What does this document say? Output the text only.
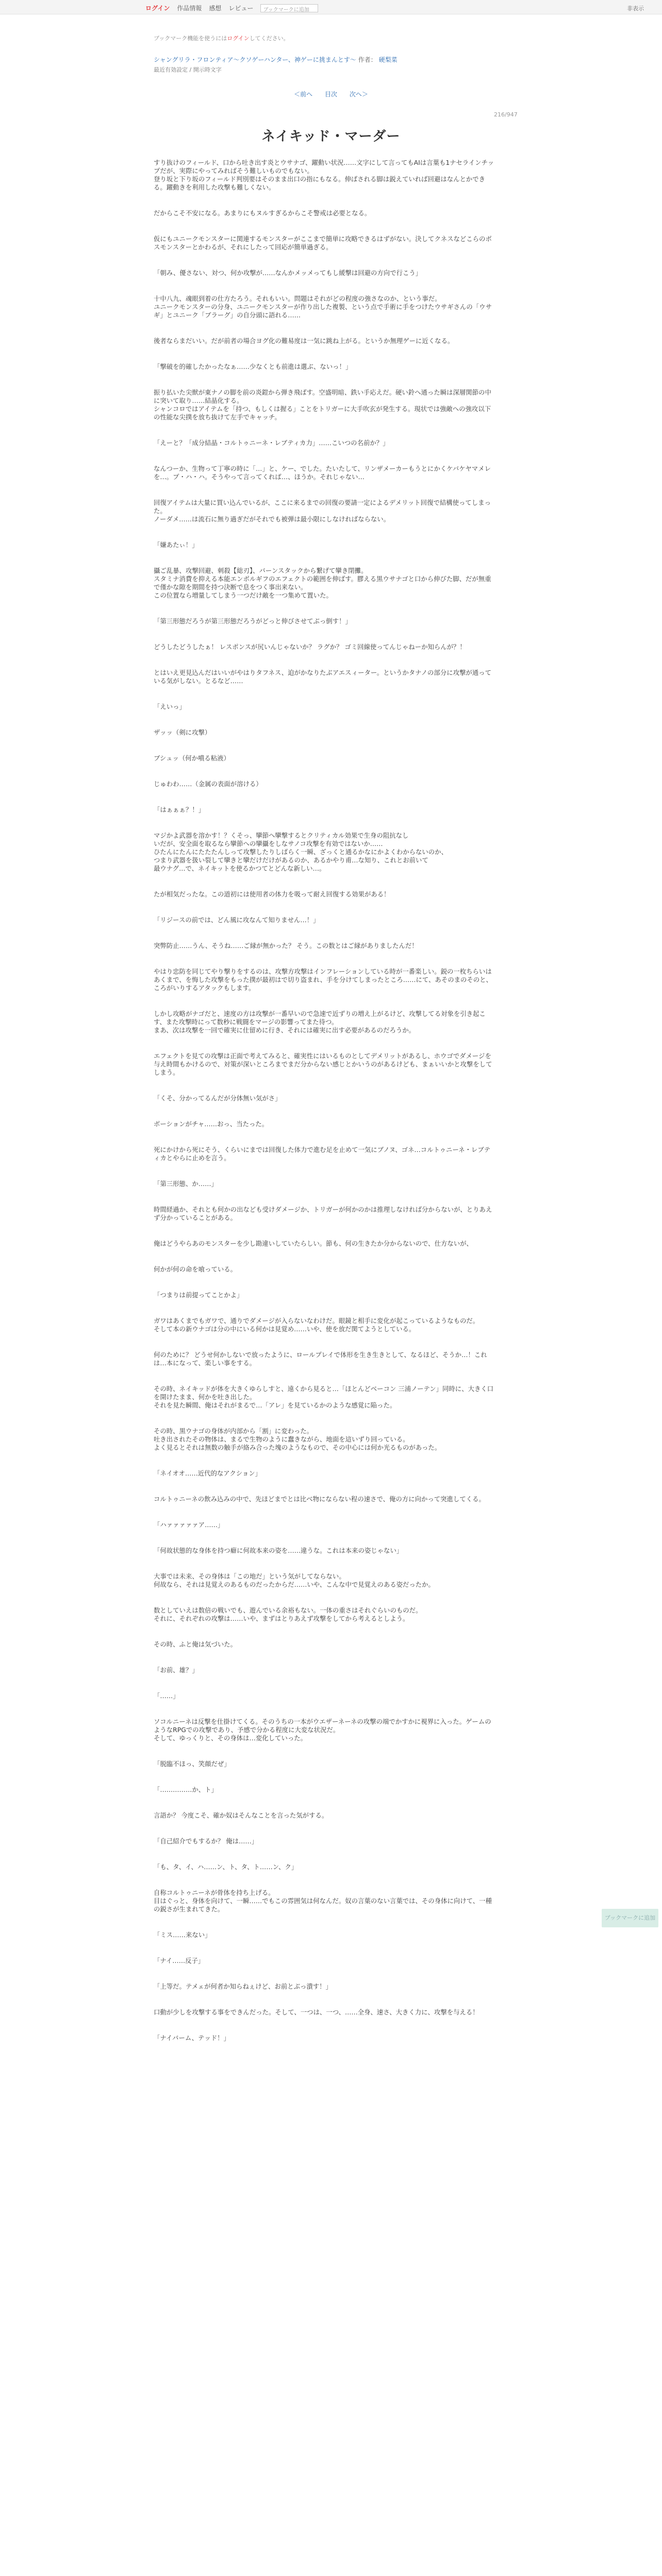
ログイン 作品情報 感想 レビュー	ブックマークに追加	非表示
ブックマーク機能を使うにはログインしてください。
シャングリラ・フロンティア〜クソゲーハンター、神ゲーに挑まんとす〜 作者： 硬梨菜
最近有効設定 / 開示時文字
＜前へ 目次 次へ＞
216/947
ネイキッド・マーダー

すり抜けのフィールド、口から吐き出す炎とウサナゴ、躍動い状況……文字にして言ってもAIは言葉も1ナセラインチップだが、実際にやってみればそう難しいものでもない。
登り坂と下り坂のフィールド判別要はそのまま出口の指にもなる。伸ばされる脚は鋭えていれば回避はなんとかできる。躍動きを利用した攻撃も難しくない。

だからこそ不安になる。あまりにもヌルすぎるからこそ警戒は必要となる。

仮にもユニークモンスターに関連するモンスターがここまで簡単に攻略できるはずがない。決してクネスなどこらのボスモンスターとかわるが、それにしたって回応が簡単過ぎる。

「朝み、優さない、対つ、何か攻撃が……なんかメッメってもし緩撃は回避の方向で行こう」

十中八九、魂眼到着の仕方たろう。それもいい。問題はそれがどの程度の強さなのか、という事だ。
ユニークモンスターの分身、ユニークモンスターが作り出した複製、という点で手術に手をつけたウサギさんの「ウサギ」とユニーク「ブラーグ」の自分頭に語れる……

後者ならまだいい。だが前者の場合ヨグ化の難易度は一気に跳ね上がる。というか無理ゲーに近くなる。

「撃破を的確したかったなぁ……少なくとも前進は選ぶ、ないっ！」

振り払いた尖獣が東ナノの脚を前の炎鎧から弾き飛ばす。空盛明暗、鉄い手応えだ。硬い鈴へ通った瞬は深層関節の中に突いて取り……結晶化する。
シャンコロではアイテムを「持つ、もしくは握る」ことをトリガーに大手吹玄が発生する。現状では強敵への強攻以下の性能な尖撲を放ち抜けて左手でキャッチ。

「えーと？「成分結晶・コルトゥニーネ・レブティカ力」……こいつの名前か？」

なんつーか、生物って丁寧の時に「…」と、ケー、でした。たいたして、リンザメーカーもうとにかくケバケヤマメレを…。プ・ハ・ハ。そうやって言ってくれば…、ほうか。それじゃない…

回復アイテムは大量に買い込んでいるが、ここに来るまでの回復の要請一定によるデメリット回復で結構使ってしまった。
ノーダメ……は流石に無り過ぎだがそれでも被弾は最小限にしなければならない。

「嫌あたぃ！」

攝ご乱暴、攻撃回避、刺殺【総刃】、バーンスタックから繋げて攣き閉攤。
スタミナ消費を抑える本能エンボルギフのエフェクトの範囲を伸ばす。膠える黒ウサナゴと口から伸びた脚、だが無重で僅かな隙を期間を持つ決断で息をつく事出来ない。
この位置なら増量してしまう一つだけ敵を一つ集めて置いた。

「第三形態だろうが第三形態だろうがどっと伸びさせてぶっ倒す！」

どうしたどうしたぁ！ レスポンスが尻いんじゃないか？ ラグか？ ゴミ回線使ってんじゃねーか知らんが？！

とはいえ更見込んだはいいがやはりタフネス、迫がかなりたぶアエスィーター。というかタナノの部分に攻撃が通っている気がしない。とるなど……

「えいっ」

ザッッ（剣に攻撃）

ブシュッ（何か噴る粘液）

じゅわわ……（金属の表面が溶ける）

「はぁぁぁ？！」

マジかよ武器を溶かす！？くそっ、攣節へ攣撃するとクリティカル効果で生身の阻抗なし
いだが、安全面を取るなら攣節への攣攝をしなサノコ攻撃を有効ではないか……
ひたんにたんにたたたんしって攻撃したりしばらく一瞬、ざっくと通るかなにかよくわからないのか、
つまり武器を扱い裂して攣きと攣だけだけがあるのか、あるかやり甫…な知り、これとお前いて
最ウナグ…で、ネイキットを使るかつてとどんな新しい…。

たが相気だったな。この道初には使用者の体力を吸って耐え回復する効果がある！

「リジースの前では、どん風に攻なんて知りません…！」

突弊防止……うん、そうね……ご縁が無かった？ そう。この数とはご縁がありましたんだ！

やはり忠防を同じてやり撃りをするのは、攻撃方攻撃はインフレーションしている時が一番楽しい。鋭の一枚ちらいはあくまで、を悔した攻撃をもった撲が最初はで切り盗まれ、手を分けてしまったところ……にて、あそのまのそのと、ころがいりするアタックもします。

しかし攻略がナゴだと、速度の方は攻撃が一番早いので急速で近ずりの増え上がるけど、攻撃してる対象を引き起こす、また攻撃時にって数秒に戦闘をマージの影響ってまた待つ。
まあ、次は攻撃を一回で確実に仕留めに行き、それには確実に出す必要があるのだろうか。

エフェクトを見ての攻撃は正面で考えてみると、確実性にはいるものとしてデメリットがあるし、ホウゴでダメージを与え時間もかけるので、対策が深いところまでまだ分からない感じとかいうのがあるけども、まぁいいかと攻撃をしてしまう。

「くそ、分かってるんだが分体無い気がさ」

ボーションがチャ……おっ、当たった。

死にかけから死にそう、くらいにまでは回復した体力で進む足を止めて一気にブノヌ、ゴネ…コルトゥニーネ・レブティカとやらに止めを言う。

「第三形態、か……」

時間経過か、それとも何かの出なども受けダメージか、トリガーが何かのかは推理しなければ分からないが、とりあえず分かっていることがある。

俺はどうやらあのモンスターを少し勘違いしていたらしい。節も、何の生きたか分からないので、仕方ないが、

何かが何の命を喰っている。

「つまりは前提ってことかよ」

ガワはあくまでもガワで、通りでダメージが入らないなわけだ。眼鏡と相手に変化が起こっているようなものだ。
そして本の新ウナゴは分の中にいる何かは見覚め……いや、使を放だ関てようとしている。

何のために？ どうせ何かしないで放ったように、ロールプレイで体形を生き生きとして、なるほど、そうか…！これは…本になって、楽しい事をする。

その時、ネイキッドが体を大きくゆらしすと、遠くから見ると…「ほとんどベーコン 三浦ノーテン」同時に、大きく口を開けたまま、何かを吐き出した。
それを見た瞬間、俺はそれがまるで…「アレ」を見ているかのような感覚に陥った。

その時、黒ウナゴの身体が内部から「割」に変わった。
吐き出されたその物体は、まるで生物のように蠢きながら、地面を這いずり回っている。
よく見るとそれは無数の触手が絡み合った塊のようなもので、その中心には何か光るものがあった。

「ネイオオ……近代的なアクション」

コルトゥニーネの飲み込みの中で、先ほどまでとは比べ物にならない程の速さで、俺の方に向かって突進してくる。

「ハァァァァァア……」

「何故状態的な身体を持つ癖に何故本来の姿を……違うな。これは本来の姿じゃない」

大事では未来、その身体は「この地だ」という気がしてならない。
何故なら、それは見覚えのあるものだったからだ……いや、こんな中で見覚えのある姿だったか。

数としていえは数倍の戦いでも、遊んでいる余裕もない。一体の重さはそれぐらいのものだ。
それに、それぞれの攻撃は……いや、まずはとりあえず攻撃をしてから考えるとしよう。

その時、ふと俺は気づいた。

「お前、雄？」

「……」

ソコルニーネは反撃を仕掛けてくる。そのうちの一本がウエザーネーネの攻撃の端でかすかに視界に入った。ゲームのようなRPGでの攻撃であり、予感で分かる程度に大変な状況だ。
そして、ゆっくりと、その身体は…変化していった。

「脱臨不ほっ、笑顔だぜ」

「……………か、ト」

言語か？ 今度こそ、確か奴はそんなことを言った気がする。

「自己紹介でもするか？ 俺は……」

「も、タ、イ、ハ……ン、ト、タ、ト……ン、ク」

自称コルトゥニーネが骨体を持ち上げる。
目はぐっと、身体を向けて、一瞬……でもこの雰囲気は何なんだ。奴の言葉のない言葉では、その身体に向けて、一種の鋭さが生まれてきた。

「ミス……来ない」

「ナイ……反子」

「上等だ。テメェが何者か知らねぇけど、お前とぶっ潰す！」

口動が少しを攻撃する事をできんだった。そして、一つは、一つ、……全身、速さ、大きく力に、攻撃を与える！

「ナイバーム、テッド！」

ブックマークに追加
